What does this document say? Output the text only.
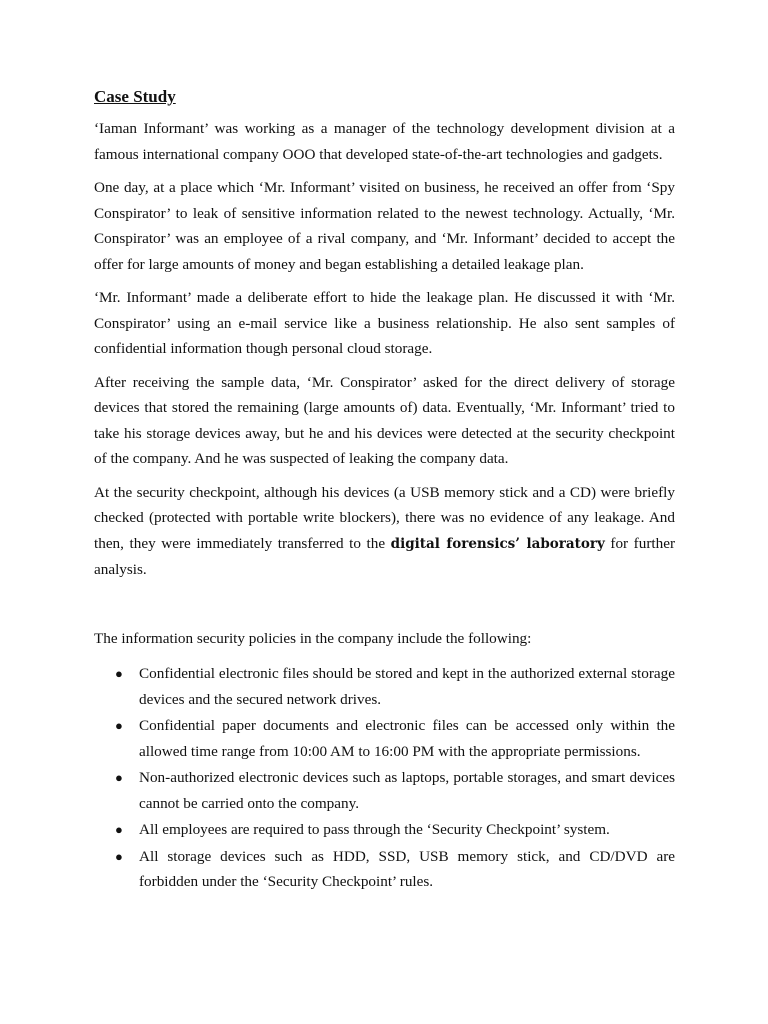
Case Study

‘Iaman Informant’ was working as a manager of the technology development division at a famous international company OOO that developed state-of-the-art technologies and gadgets.

One day, at a place which ‘Mr. Informant’ visited on business, he received an offer from ‘Spy Conspirator’ to leak of sensitive information related to the newest technology. Actually, ‘Mr. Conspirator’ was an employee of a rival company, and ‘Mr. Informant’ decided to accept the offer for large amounts of money and began establishing a detailed leakage plan.

‘Mr. Informant’ made a deliberate effort to hide the leakage plan. He discussed it with ‘Mr. Conspirator’ using an e-mail service like a business relationship. He also sent samples of confidential information though personal cloud storage.

After receiving the sample data, ‘Mr. Conspirator’ asked for the direct delivery of storage devices that stored the remaining (large amounts of) data. Eventually, ‘Mr. Informant’ tried to take his storage devices away, but he and his devices were detected at the security checkpoint of the company. And he was suspected of leaking the company data.

At the security checkpoint, although his devices (a USB memory stick and a CD) were briefly checked (protected with portable write blockers), there was no evidence of any leakage. And then, they were immediately transferred to the digital forensics’ laboratory for further analysis.

The information security policies in the company include the following:

● Confidential electronic files should be stored and kept in the authorized external storage devices and the secured network drives.
● Confidential paper documents and electronic files can be accessed only within the allowed time range from 10:00 AM to 16:00 PM with the appropriate permissions.
● Non-authorized electronic devices such as laptops, portable storages, and smart devices cannot be carried onto the company.
● All employees are required to pass through the ‘Security Checkpoint’ system.
● All storage devices such as HDD, SSD, USB memory stick, and CD/DVD are forbidden under the ‘Security Checkpoint’ rules.
